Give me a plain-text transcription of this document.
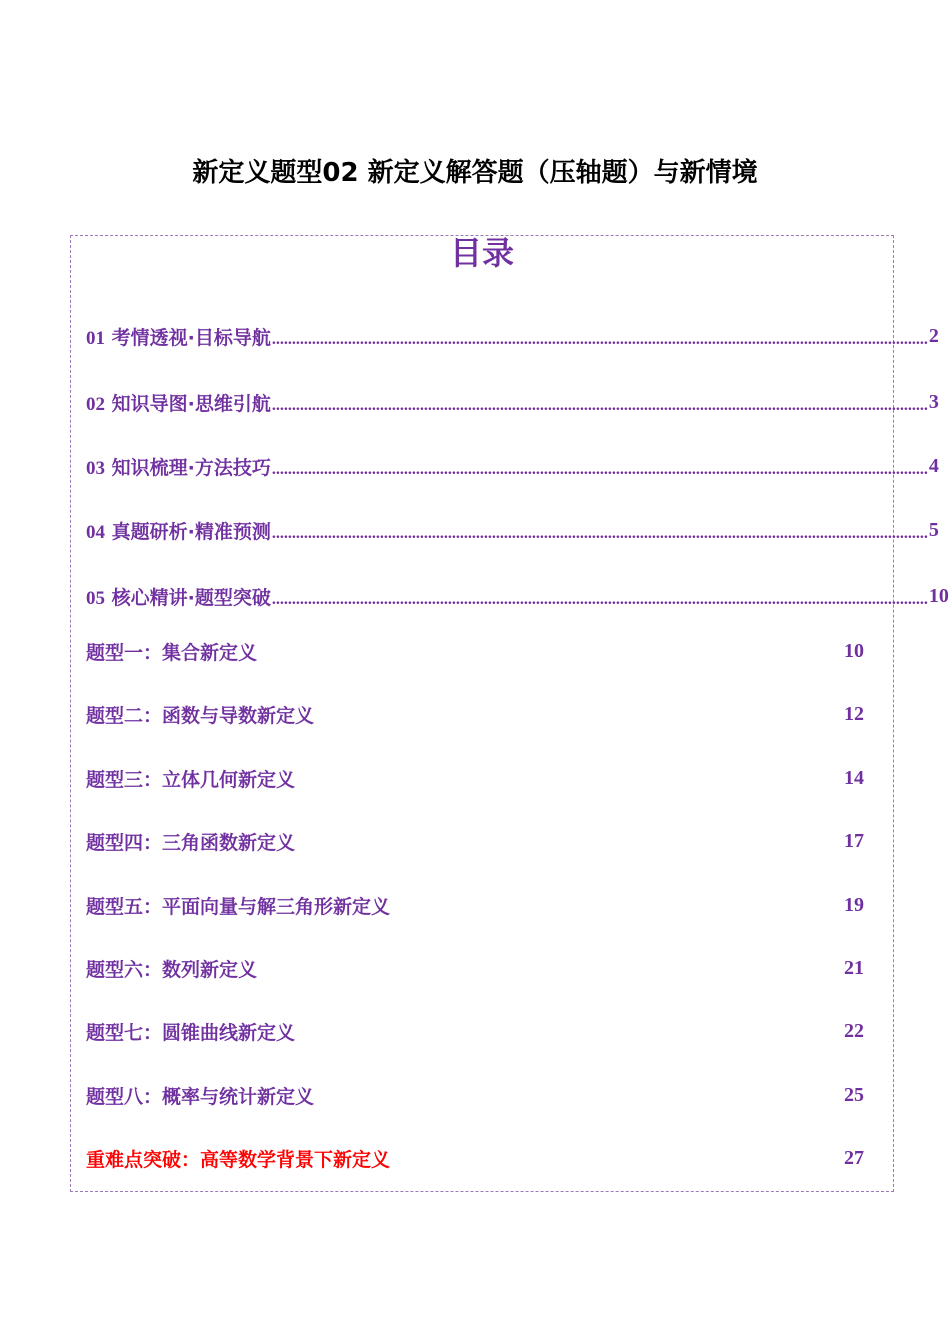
新定义题型02 新定义解答题（压轴题）与新情境
目录
01 考情透视·目标导航 .................................................................................................................................................................... 2
02 知识导图·思维引航 .................................................................................................................................................................... 3
03 知识梳理·方法技巧 .................................................................................................................................................................... 4
04 真题研析·精准预测 .................................................................................................................................................................... 5
05 核心精讲·题型突破 .................................................................................................................................................................... 10
题型一：集合新定义	10
题型二：函数与导数新定义	12
题型三：立体几何新定义	14
题型四：三角函数新定义	17
题型五：平面向量与解三角形新定义	19
题型六：数列新定义	21
题型七：圆锥曲线新定义	22
题型八：概率与统计新定义	25
重难点突破：高等数学背景下新定义	27
